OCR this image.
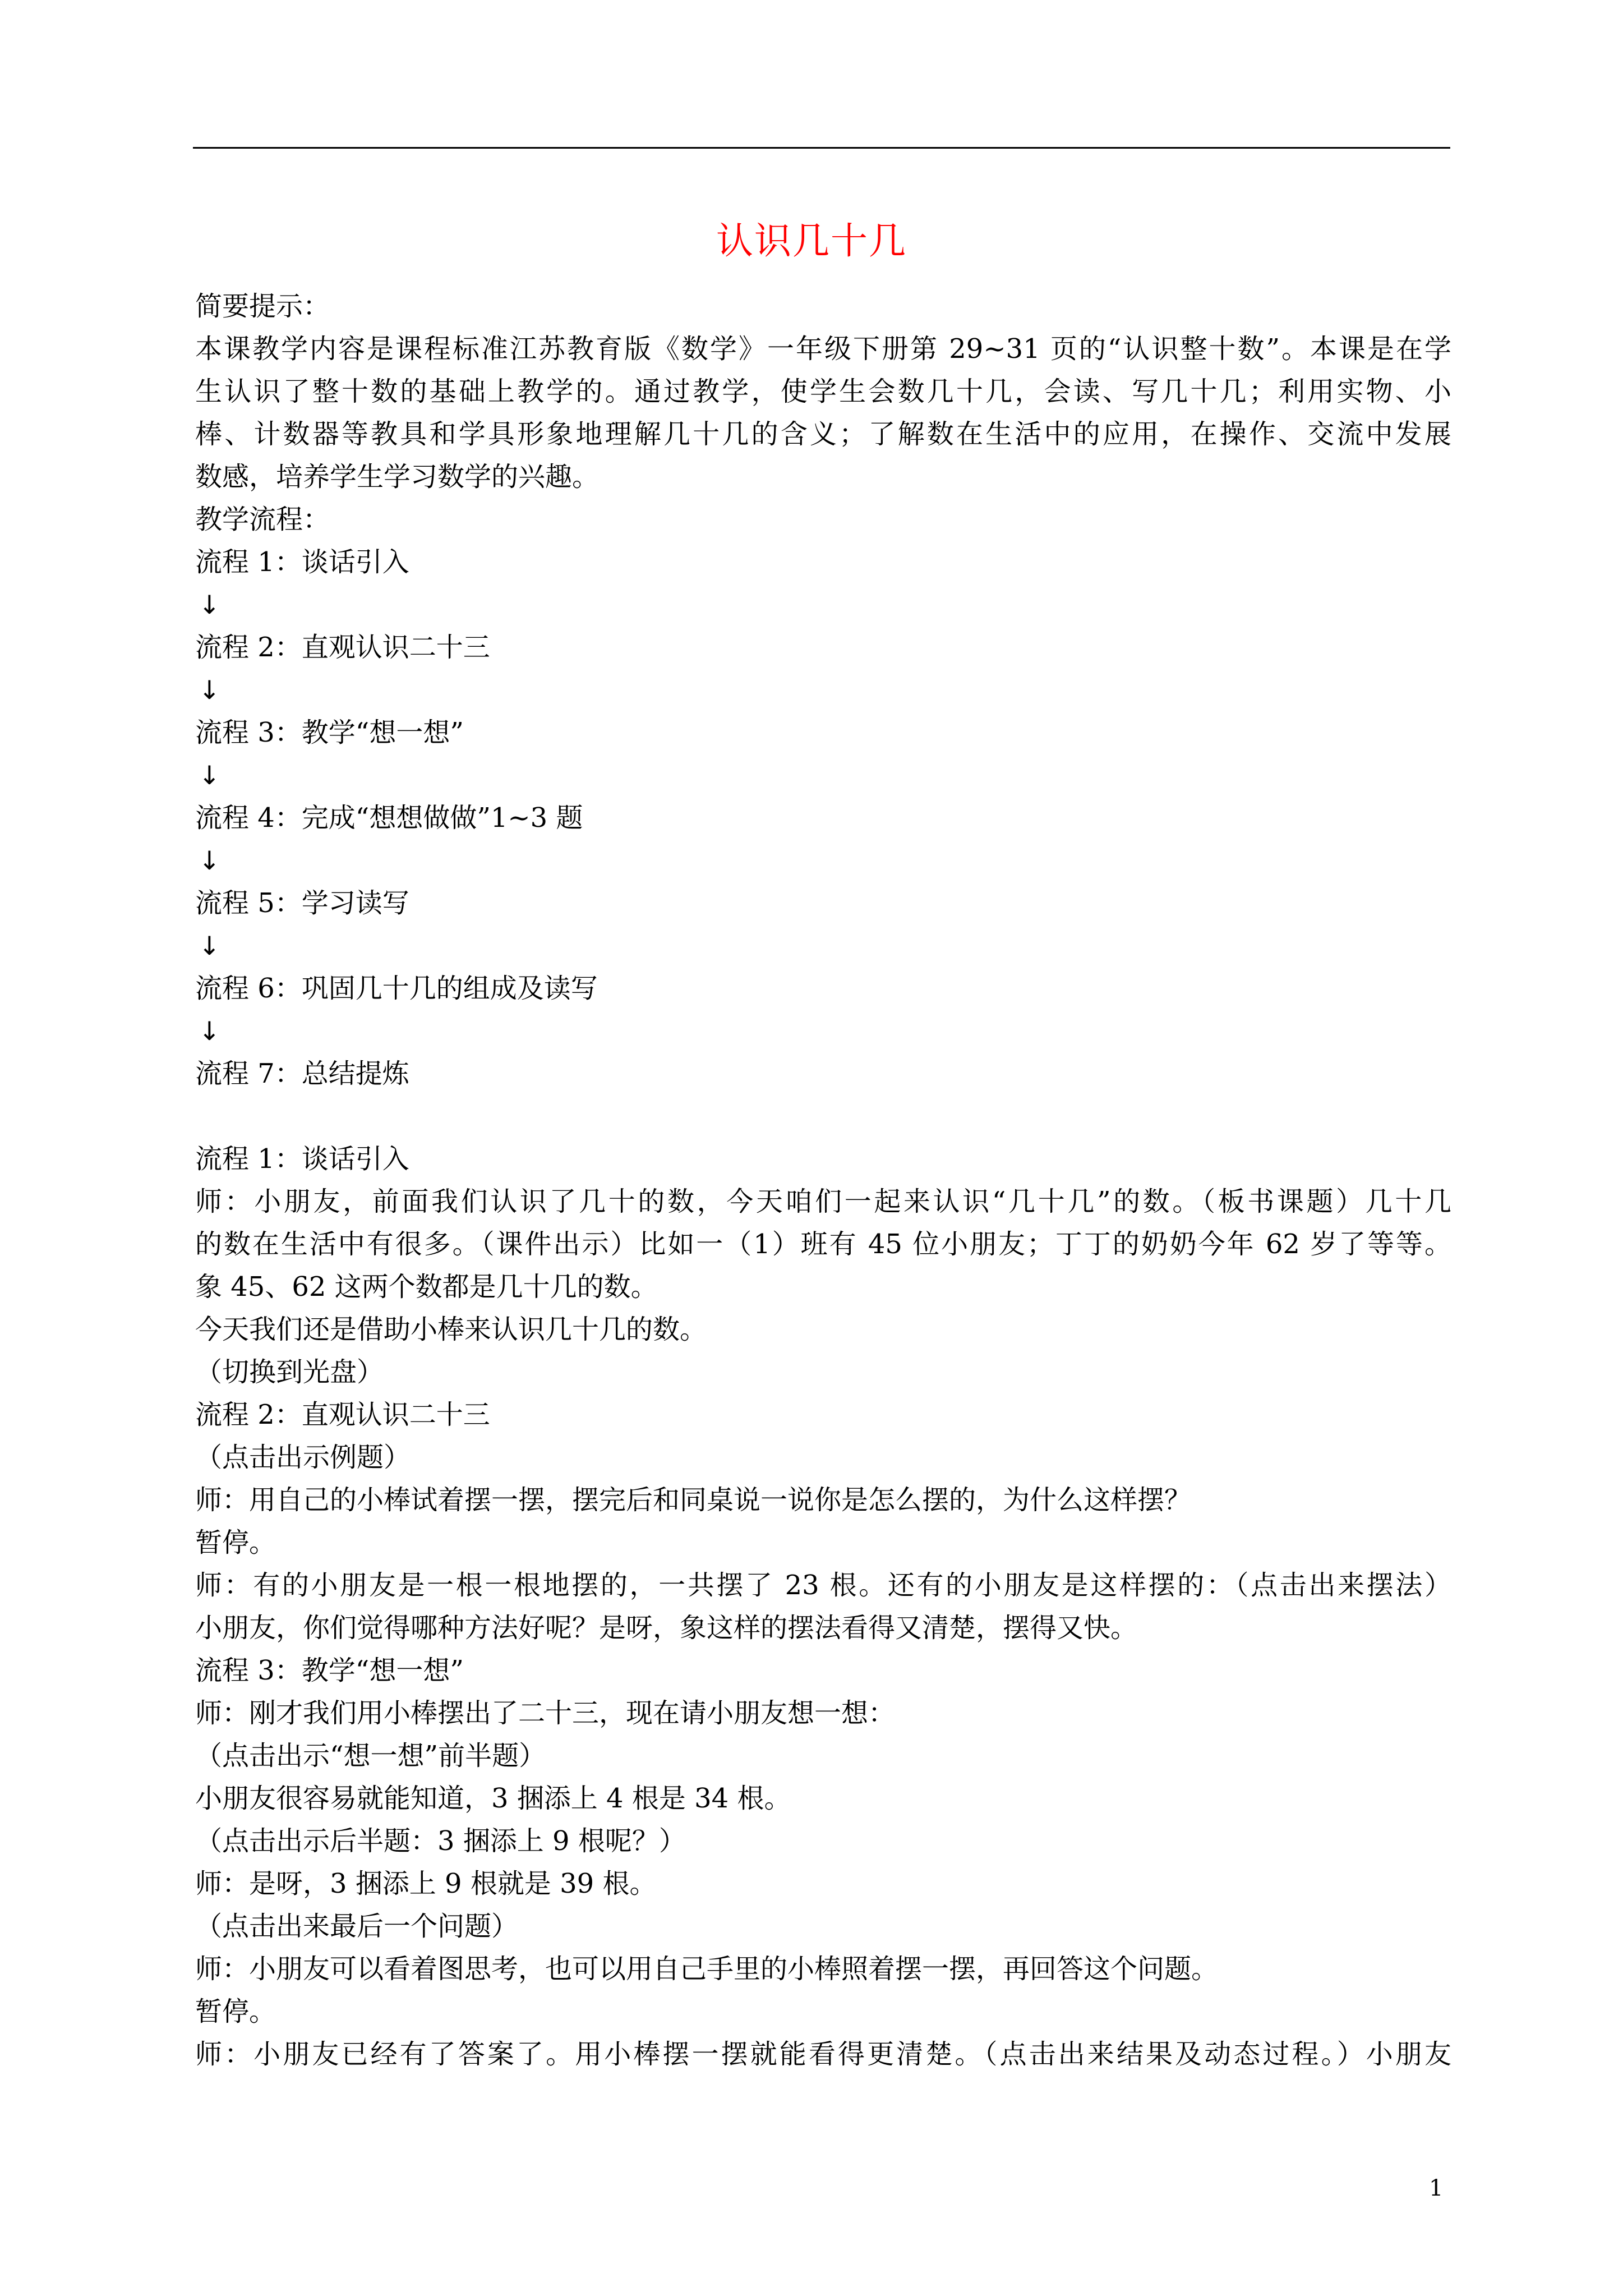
认识几十几
简要提示：
本课教学内容是课程标准江苏教育版《数学》一年级下册第 29~31 页的“认识整十数”。本课是在学
生认识了整十数的基础上教学的。通过教学，使学生会数几十几，会读、写几十几；利用实物、小
棒、计数器等教具和学具形象地理解几十几的含义；了解数在生活中的应用，在操作、交流中发展
数感，培养学生学习数学的兴趣。
教学流程：
流程 1：谈话引入
↓
流程 2：直观认识二十三
↓
流程 3：教学“想一想”
↓
流程 4：完成“想想做做”1~3 题
↓
流程 5：学习读写
↓
流程 6：巩固几十几的组成及读写
↓
流程 7：总结提炼
流程 1：谈话引入
师：小朋友，前面我们认识了几十的数，今天咱们一起来认识“几十几”的数。（板书课题）几十几
的数在生活中有很多。（课件出示）比如一（1）班有 45 位小朋友；丁丁的奶奶今年 62 岁了等等。
象 45、62 这两个数都是几十几的数。
今天我们还是借助小棒来认识几十几的数。
（切换到光盘）
流程 2：直观认识二十三
（点击出示例题）
师：用自己的小棒试着摆一摆，摆完后和同桌说一说你是怎么摆的，为什么这样摆？
暂停。
师：有的小朋友是一根一根地摆的，一共摆了 23 根。还有的小朋友是这样摆的：（点击出来摆法）
小朋友，你们觉得哪种方法好呢？是呀，象这样的摆法看得又清楚，摆得又快。
流程 3：教学“想一想”
师：刚才我们用小棒摆出了二十三，现在请小朋友想一想：
（点击出示“想一想”前半题）
小朋友很容易就能知道，3 捆添上 4 根是 34 根。
（点击出示后半题：3 捆添上 9 根呢？）
师：是呀，3 捆添上 9 根就是 39 根。
（点击出来最后一个问题）
师：小朋友可以看着图思考，也可以用自己手里的小棒照着摆一摆，再回答这个问题。
暂停。
师：小朋友已经有了答案了。用小棒摆一摆就能看得更清楚。（点击出来结果及动态过程。）小朋友
1
